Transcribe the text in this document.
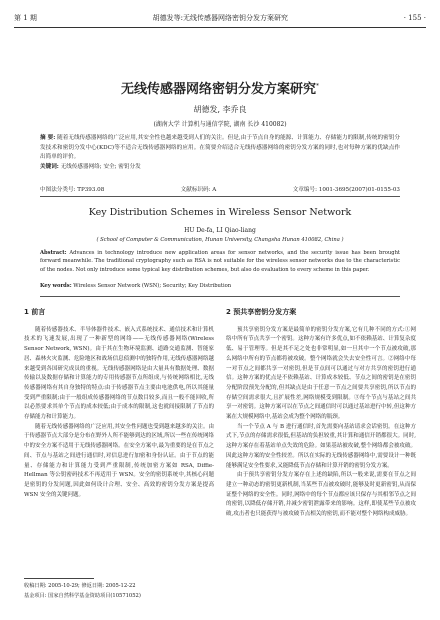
第 1 期	胡德发等:无线传感器网络密钥分发方案研究	· 155 ·
无线传感器网络密钥分发方案研究*
胡德发, 李乔良
(湖南大学 计算机与通信学院, 湖南 长沙 410082)
摘 要: 随着无线传感器网络的广泛应用,其安全性也越来越受到人们的关注。但是,由于节点自身的能源、计算能力、存储能力的限制,传统的密钥分发技术和密钥分发中心(KDC)等不适合无线传感器网络的应用。在简要介绍适合无线传感器网络的密钥分发方案的同时,也对每种方案的优缺点作出简单的评价。
关键词: 无线传感器网络; 安全; 密钥分发
中图法分类号: TP393.08	文献标识码: A	文章编号: 1001-3695(2007)01-0155-03
Key Distribution Schemes in Wireless Sensor Network
HU De-fa, LI Qiao-liang
( School of Computer & Communication, Hunan University, Changsha Hunan 410082, China )
Abstract: Advances in technology introduce new application areas for sensor networks, and the security issue has been brought forward meanwhile. The traditional cryptography such as RSA is not suitable for the wireless sensor networks due to the characteristic of the nodes. Not only introduce some typical key distribution schemes, but also do evaluation to every scheme in this paper.
Key words: Wireless Sensor Network (WSN); Security; Key Distribution
1 前言

随着传感器技术、半导体器件技术、嵌入式系统技术、通信技术和计算机技术的飞速发展,出现了一种新型的网络——无线传感器网络(Wireless Sensor Network, WSN)。由于其在生物环境监测、道路交通监测、智能家居、森林火灾监测、危险地区和战场信息侦测中的独特作用,无线传感器网络越来越受到各国研究成员的重视。无线传感器网络是由大量具有数据处理、数据传输以及数据存储和计算能力的专用传感器节点所组成,与传统网络相比,无线传感器网络有其自身独特的特点:由于传感器节点主要由电池供电,所以其能量受到严重限制;由于一般组成传感器网络的节点数目较多,而且一般不能回收,所以必然要求其单个节点的成本较低;由于成本的限制,这也就间接限制了节点的存储能力和计算能力。

随着无线传感器网络的广泛应用,其安全性问题也受到越来越多的关注。由于传感器节点大部分是分布在野外人所不能够到达的区域,所以一些在传统网络中的安全方案不适用于无线传感器网络。在安全方案中,最为重要的是在节点之间、节点与基站之间进行通信时,对信息进行加密和身份认证。由于节点的能量、存储能力和计算能力受到严重限制,传统加密方案如 RSA, Diffie-Hellman 等公钥密码技术不再适用于 WSN。安全的密钥系统中,其核心问题是密钥的分发问题,因此如何设计合理、安全、高效的密钥分发方案是提高 WSN 安全的关键问题。

2 预共享密钥分发方案

预共享密钥分发方案是最简单的密钥分发方案,它有几种不同的方式:①网络中所有节点共享一个密钥。这种方案有许多优点,如不依赖基站、计算复杂度低、易于管理等。但是其不足之处也非常明显,如一旦其中一个节点被攻破,那么网络中所有的节点都将被攻破。整个网络就会失去安全性可言。②网络中每一对节点之间都共享一对密钥,但是节点间可以通过与对方共享的密钥进行通信。这种方案的优点是不依赖基站、计算成本较低、节点之间的密钥是在密钥分配阶段预先分配的,但其缺点是由于任意一节点之间要共享密钥,所以节点的存储空间需求很大,且扩展性差,网络规模受到限制。③每个节点与基站之间共享一对密钥。这种方案可以在节点之间通信时可以通过基站进行中转,但这种方案在大规模网络中,基站会成为整个网络的瓶颈。

当一个节点 A 与 B 进行通信时,首先需要向基站请求会话密钥。在这种方式下,节点的存储需求很低,但基站的负担较重,其计算和通信开销都很大。同时,这种方案存在着基站单点失效的危险。如果基站被攻破,整个网络都会被攻破。因此这种方案的安全性较差。所以在实际的无线传感器网络中,需要设计一种既能够满足安全性要求,又能降低节点存储和计算开销的密钥分发方案。

由于预共享密钥分发方案存在上述的缺陷,所以一般来说,需要在节点之间建立一种动态的密钥更新机制,当某些节点被攻破时,能够及时更新密钥,从而保证整个网络的安全性。同时,网络中的每个节点都应该只保存与其相邻节点之间的密钥,以降低存储开销,并减少密钥泄露带来的影响。这样,即使某些节点被攻破,攻击者也只能获得与被攻破节点相关的密钥,而不能对整个网络构成威胁。

收稿日期: 2005-10-29; 修返日期: 2005-12-22
基金项目: 国家自然科学基金资助项目(10571052)
